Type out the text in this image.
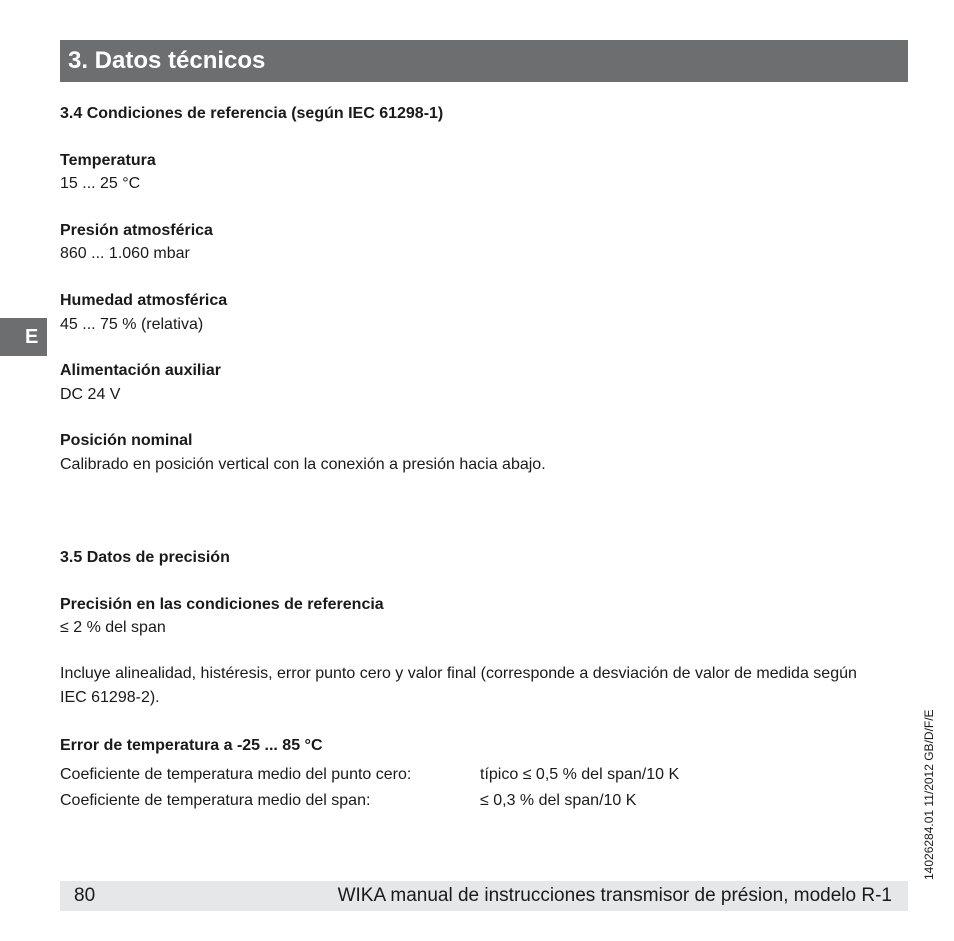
3. Datos técnicos
E
3.4 Condiciones de referencia (según IEC 61298-1)
Temperatura
15 ... 25 °C
Presión atmosférica
860 ... 1.060 mbar
Humedad atmosférica
45 ... 75 % (relativa)
Alimentación auxiliar
DC 24 V
Posición nominal
Calibrado en posición vertical con la conexión a presión hacia abajo.
3.5 Datos de precisión
Precisión en las condiciones de referencia
≤ 2 % del span
Incluye alinealidad, histéresis, error punto cero y valor final (corresponde a desviación de valor de medida según IEC 61298-2).
Error de temperatura a -25 ... 85 °C
Coeficiente de temperatura medio del punto cero:	típico ≤ 0,5 % del span/10 K
Coeficiente de temperatura medio del span:	≤ 0,3 % del span/10 K	14026284.01 11/2012 GB/D/F/E
80	WIKA manual de instrucciones transmisor de présion, modelo R-1
